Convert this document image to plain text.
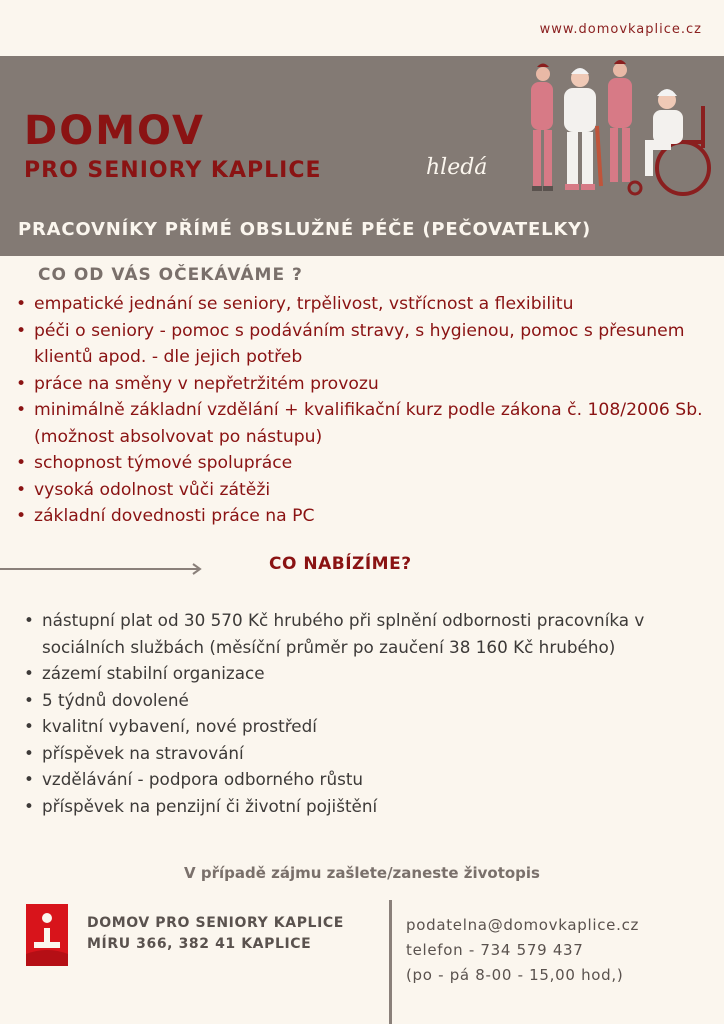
www.domovkaplice.cz
DOMOV
PRO SENIORY KAPLICE	hledá
PRACOVNÍKY PŘÍMÉ OBSLUŽNÉ PÉČE (PEČOVATELKY)
CO OD VÁS OČEKÁVÁME ?
• empatické jednání se seniory, trpělivost, vstřícnost a flexibilitu
• péči o seniory - pomoc s podáváním stravy, s hygienou, pomoc s přesunem klientů apod. - dle jejich potřeb
• práce na směny v nepřetržitém provozu
• minimálně základní vzdělání + kvalifikační kurz podle zákona č. 108/2006 Sb.(možnost absolvovat po nástupu)
• schopnost týmové spolupráce
• vysoká odolnost vůči zátěži
• základní dovednosti práce na PC
CO NABÍZÍME?
• nástupní plat od 30 570 Kč hrubého při splnění odbornosti pracovníka v sociálních službách (měsíční průměr po zaučení 38 160 Kč hrubého)
• zázemí stabilní organizace
• 5 týdnů dovolené
• kvalitní vybavení, nové prostředí
• příspěvek na stravování
• vzdělávání - podpora odborného růstu
• příspěvek na penzijní či životní pojištění
V případě zájmu zašlete/zaneste životopis
DOMOV PRO SENIORY KAPLICE
MÍRU 366, 382 41 KAPLICE
podatelna@domovkaplice.cz
telefon - 734 579 437
(po - pá 8-00 - 15,00 hod,)
